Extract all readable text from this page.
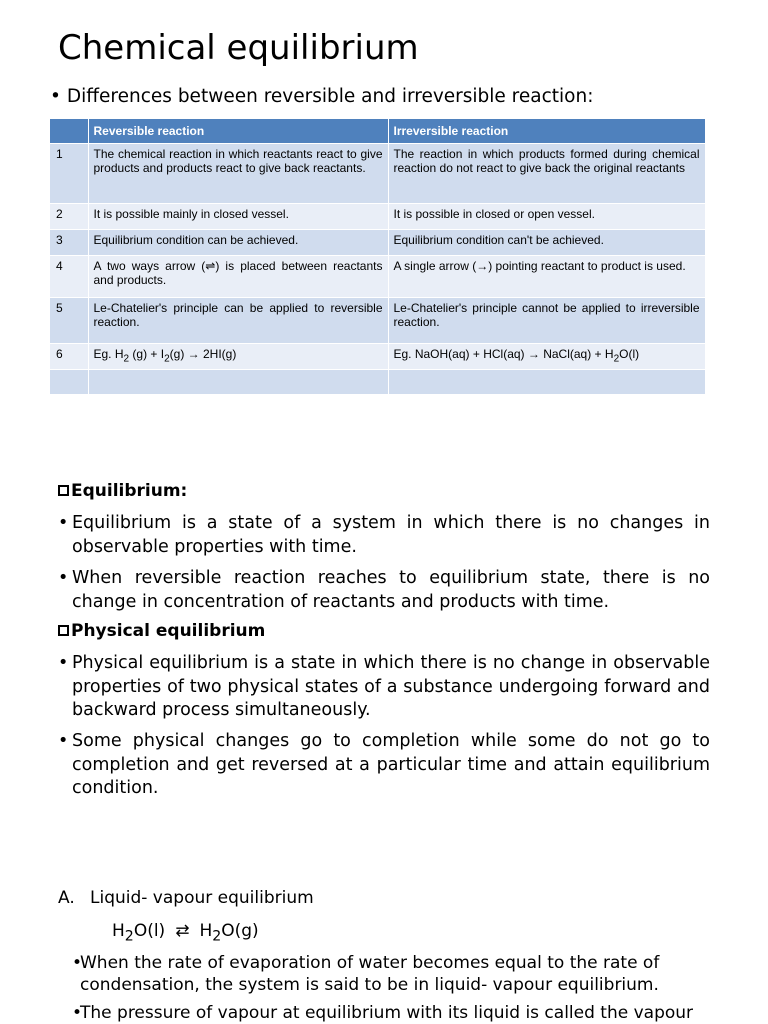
Chemical equilibrium
• Differences between reversible and irreversible reaction:
	Reversible reaction	Irreversible reaction
1	The chemical reaction in which reactants react to give products and products react to give back reactants.	The reaction in which products formed during chemical reaction do not react to give back the original reactants
2	It is possible mainly in closed vessel.	It is possible in closed or open vessel.
3	Equilibrium condition can be achieved.	Equilibrium condition can't be achieved.
4	A two ways arrow (⇌) is placed between reactants and products.	A single arrow (→) pointing reactant to product is used.
5	Le-Chatelier's principle can be applied to reversible reaction.	Le-Chatelier's principle cannot be applied to irreversible reaction.
6	Eg. $H_2$ $(g) + I_2(g) \to 2HI(g)$	Eg. NaOH(aq) + HCl(aq) → NaCl(aq) + $H_2O(l)$

Equilibrium:
• Equilibrium is a state of a system in which there is no changes in observable properties with time.
• When reversible reaction reaches to equilibrium state, there is no change in concentration of reactants and products with time.
Physical equilibrium
• Physical equilibrium is a state in which there is no change in observable properties of two physical states of a substance undergoing forward and backward process simultaneously.
• Some physical changes go to completion while some do not go to completion and get reversed at a particular time and attain equilibrium condition.
A. Liquid- vapour equilibrium
$H_2O(l)$ ⇄ $H_2O(g)$
•
When the rate of evaporation of water becomes equal to the rate of condensation, the system is said to be in liquid- vapour equilibrium.
•
The pressure of vapour at equilibrium with its liquid is called the vapour
